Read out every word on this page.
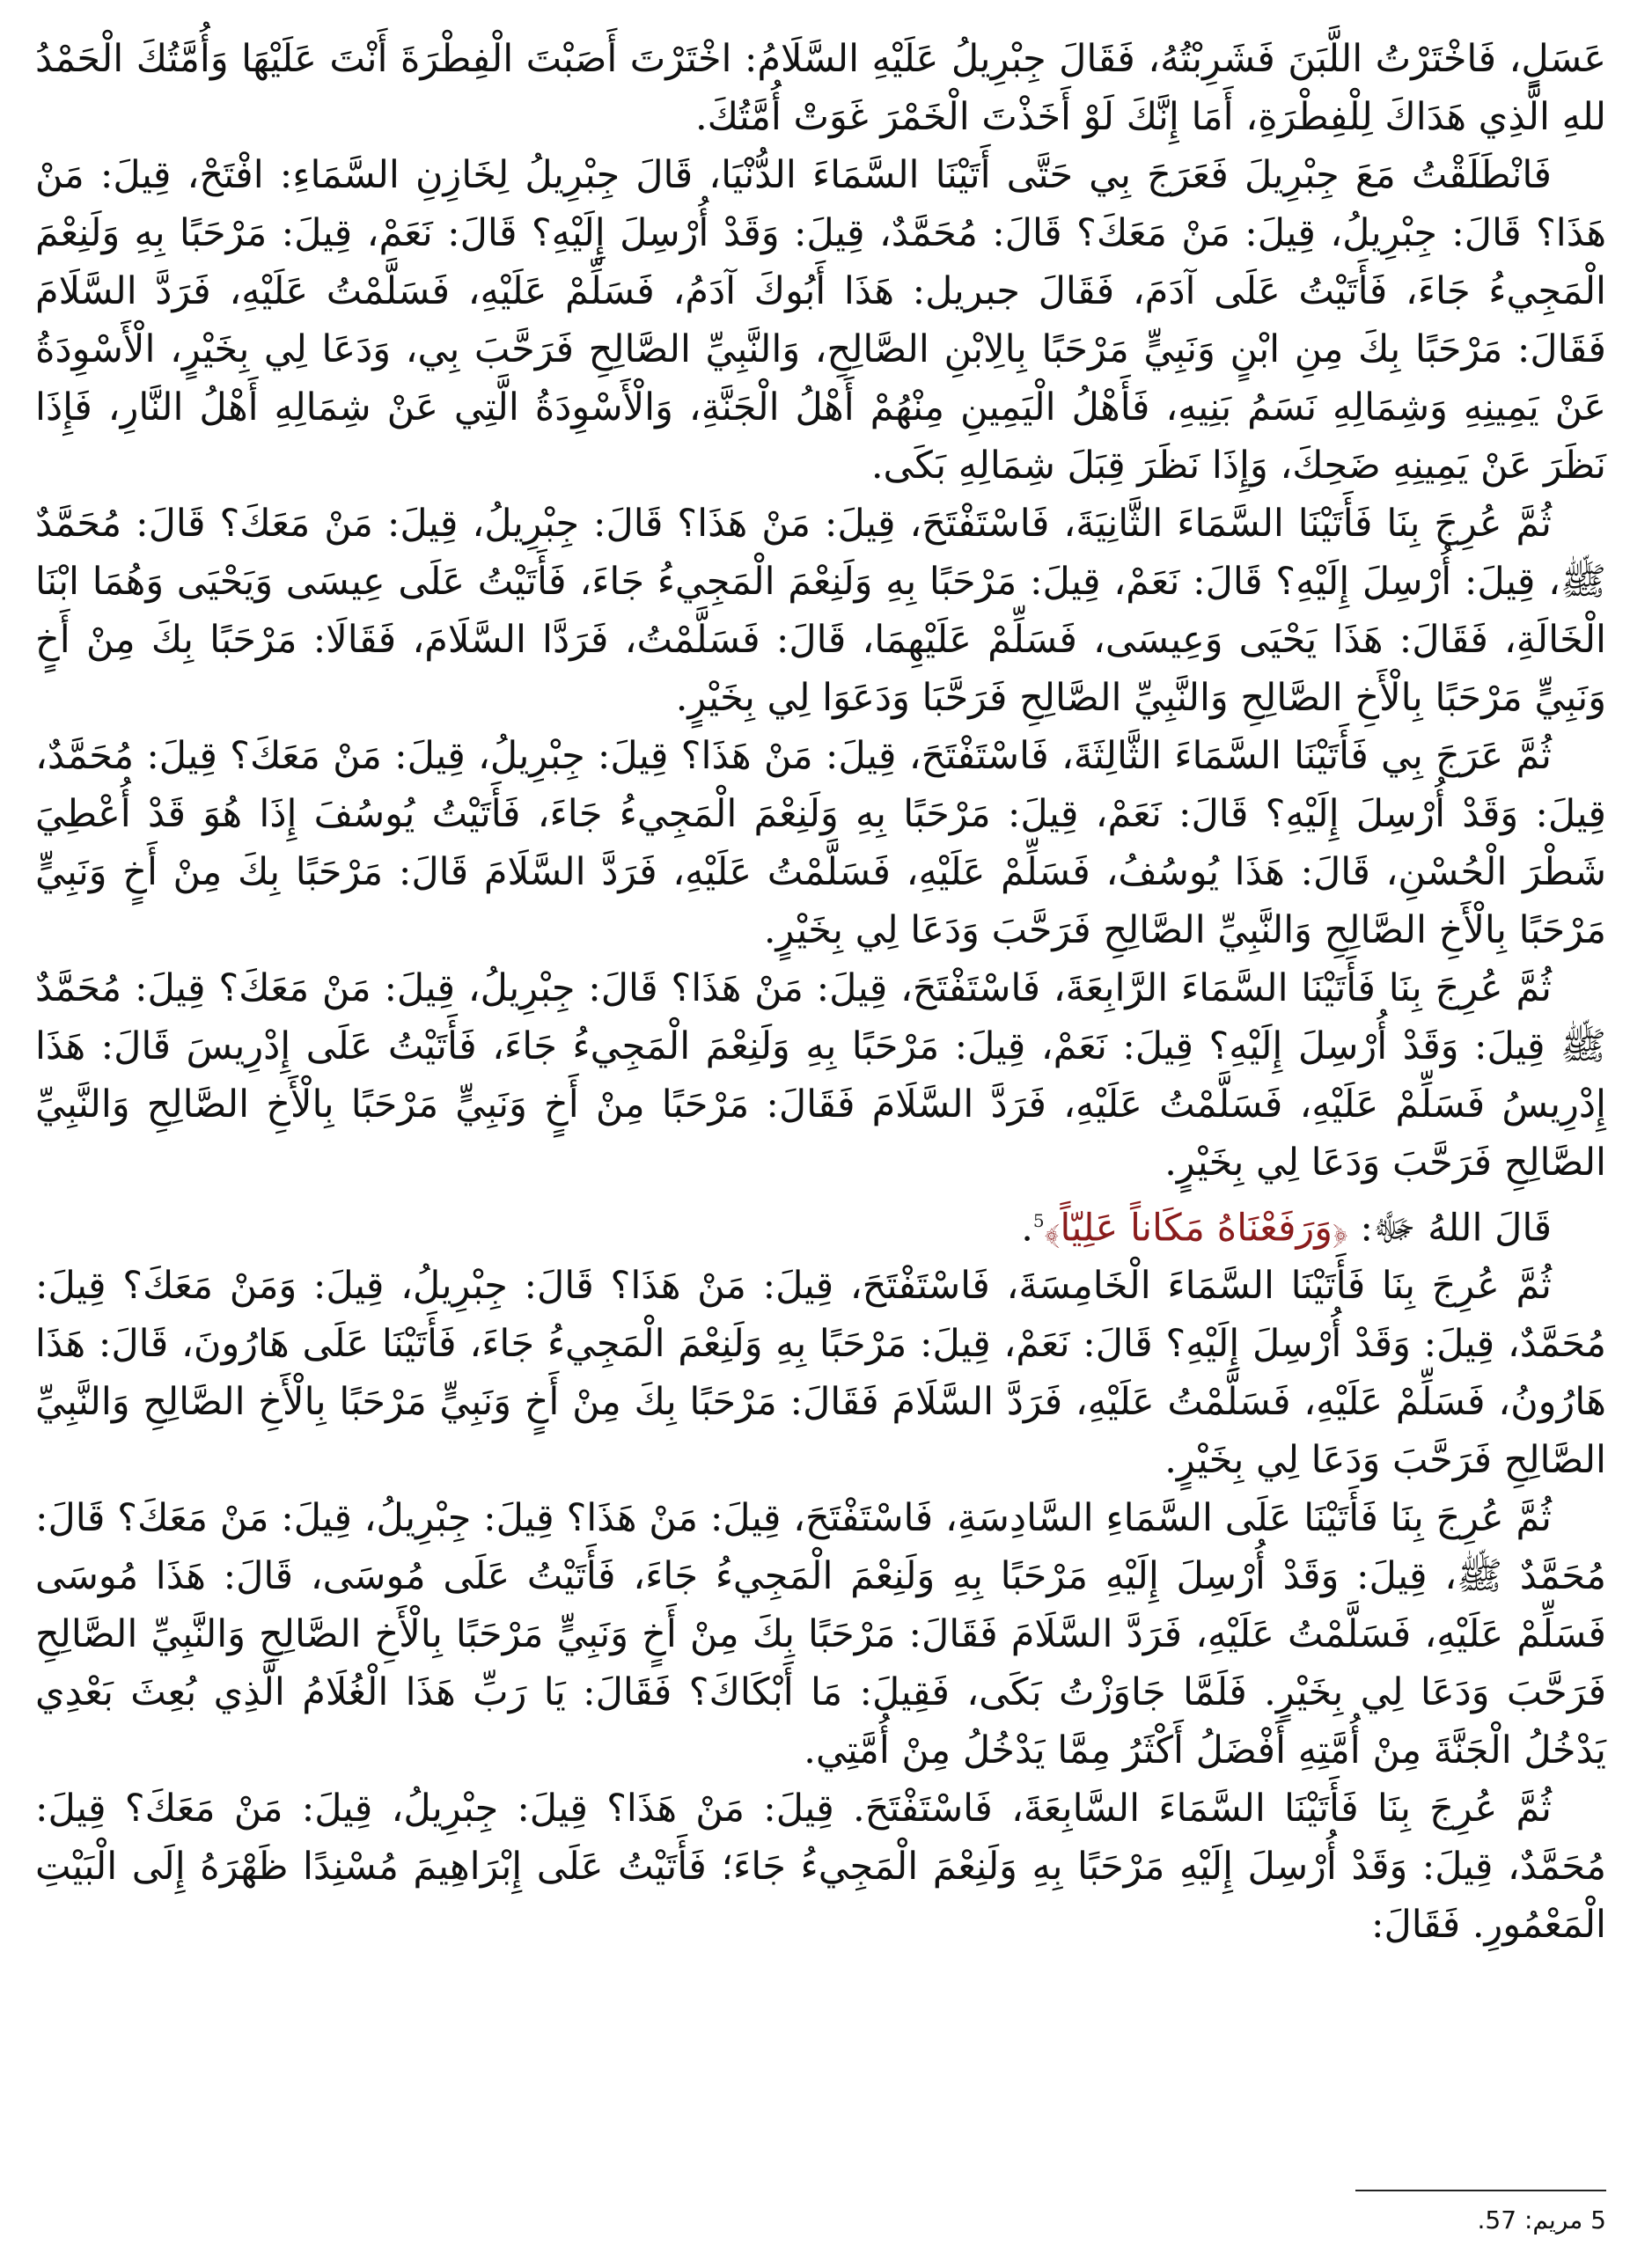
عَسَلٍ، فَاخْتَرْتُ اللَّبَنَ فَشَرِبْتُهُ، فَقَالَ جِبْرِيلُ عَلَيْهِ السَّلَامُ: اخْتَرْتَ أَصَبْتَ الْفِطْرَةَ أَنْتَ عَلَيْهَا وَأُمَّتُكَ الْحَمْدُ للهِ الَّذِي هَدَاكَ لِلْفِطْرَةِ، أَمَا إِنَّكَ لَوْ أَخَذْتَ الْخَمْرَ غَوَتْ أُمَّتُكَ.

فَانْطَلَقْتُ مَعَ جِبْرِيلَ فَعَرَجَ بِي حَتَّى أَتَيْنَا السَّمَاءَ الدُّنْيَا، قَالَ جِبْرِيلُ لِخَازِنِ السَّمَاءِ: افْتَحْ، قِيلَ: مَنْ هَذَا؟ قَالَ: جِبْرِيلُ، قِيلَ: مَنْ مَعَكَ؟ قَالَ: مُحَمَّدٌ، قِيلَ: وَقَدْ أُرْسِلَ إِلَيْهِ؟ قَالَ: نَعَمْ، قِيلَ: مَرْحَبًا بِهِ وَلَنِعْمَ الْمَجِيءُ جَاءَ، فَأَتَيْتُ عَلَى آدَمَ، فَقَالَ جبريل: هَذَا أَبُوكَ آدَمُ، فَسَلِّمْ عَلَيْهِ، فَسَلَّمْتُ عَلَيْهِ، فَرَدَّ السَّلَامَ فَقَالَ: مَرْحَبًا بِكَ مِنِ ابْنٍ وَنَبِيٍّ مَرْحَبًا بِالِابْنِ الصَّالِحِ، وَالنَّبِيِّ الصَّالِحِ فَرَحَّبَ بِي، وَدَعَا لِي بِخَيْرٍ، الْأَسْوِدَةُ عَنْ يَمِينِهِ وَشِمَالِهِ نَسَمُ بَنِيهِ، فَأَهْلُ الْيَمِينِ مِنْهُمْ أَهْلُ الْجَنَّةِ، وَالْأَسْوِدَةُ الَّتِي عَنْ شِمَالِهِ أَهْلُ النَّارِ، فَإِذَا نَظَرَ عَنْ يَمِينِهِ ضَحِكَ، وَإِذَا نَظَرَ قِبَلَ شِمَالِهِ بَكَى.

ثُمَّ عُرِجَ بِنَا فَأَتَيْنَا السَّمَاءَ الثَّانِيَةَ، فَاسْتَفْتَحَ، قِيلَ: مَنْ هَذَا؟ قَالَ: جِبْرِيلُ، قِيلَ: مَنْ مَعَكَ؟ قَالَ: مُحَمَّدٌ ﷺ، قِيلَ: أُرْسِلَ إِلَيْهِ؟ قَالَ: نَعَمْ، قِيلَ: مَرْحَبًا بِهِ وَلَنِعْمَ الْمَجِيءُ جَاءَ، فَأَتَيْتُ عَلَى عِيسَى وَيَحْيَى وَهُمَا ابْنَا الْخَالَةِ، فَقَالَ: هَذَا يَحْيَى وَعِيسَى، فَسَلِّمْ عَلَيْهِمَا، قَالَ: فَسَلَّمْتُ، فَرَدَّا السَّلَامَ، فَقَالَا: مَرْحَبًا بِكَ مِنْ أَخٍ وَنَبِيٍّ مَرْحَبًا بِالْأَخِ الصَّالِحِ وَالنَّبِيِّ الصَّالِحِ فَرَحَّبَا وَدَعَوَا لِي بِخَيْرٍ.

ثُمَّ عَرَجَ بِي فَأَتَيْنَا السَّمَاءَ الثَّالِثَةَ، فَاسْتَفْتَحَ، قِيلَ: مَنْ هَذَا؟ قِيلَ: جِبْرِيلُ، قِيلَ: مَنْ مَعَكَ؟ قِيلَ: مُحَمَّدٌ، قِيلَ: وَقَدْ أُرْسِلَ إِلَيْهِ؟ قَالَ: نَعَمْ، قِيلَ: مَرْحَبًا بِهِ وَلَنِعْمَ الْمَجِيءُ جَاءَ، فَأَتَيْتُ يُوسُفَ إِذَا هُوَ قَدْ أُعْطِيَ شَطْرَ الْحُسْنِ، قَالَ: هَذَا يُوسُفُ، فَسَلِّمْ عَلَيْهِ، فَسَلَّمْتُ عَلَيْهِ، فَرَدَّ السَّلَامَ قَالَ: مَرْحَبًا بِكَ مِنْ أَخٍ وَنَبِيٍّ مَرْحَبًا بِالْأَخِ الصَّالِحِ وَالنَّبِيِّ الصَّالِحِ فَرَحَّبَ وَدَعَا لِي بِخَيْرٍ.

ثُمَّ عُرِجَ بِنَا فَأَتَيْنَا السَّمَاءَ الرَّابِعَةَ، فَاسْتَفْتَحَ، قِيلَ: مَنْ هَذَا؟ قَالَ: جِبْرِيلُ، قِيلَ: مَنْ مَعَكَ؟ قِيلَ: مُحَمَّدٌ ﷺ قِيلَ: وَقَدْ أُرْسِلَ إِلَيْهِ؟ قِيلَ: نَعَمْ، قِيلَ: مَرْحَبًا بِهِ وَلَنِعْمَ الْمَجِيءُ جَاءَ، فَأَتَيْتُ عَلَى إِدْرِيسَ قَالَ: هَذَا إِدْرِيسُ فَسَلِّمْ عَلَيْهِ، فَسَلَّمْتُ عَلَيْهِ، فَرَدَّ السَّلَامَ فَقَالَ: مَرْحَبًا مِنْ أَخٍ وَنَبِيٍّ مَرْحَبًا بِالْأَخِ الصَّالِحِ وَالنَّبِيِّ الصَّالِحِ فَرَحَّبَ وَدَعَا لِي بِخَيْرٍ.

قَالَ اللهُ ﷻ: ﴿وَرَفَعْنَاهُ مَكَاناً عَلِيّاً﴾$^5$.

ثُمَّ عُرِجَ بِنَا فَأَتَيْنَا السَّمَاءَ الْخَامِسَةَ، فَاسْتَفْتَحَ، قِيلَ: مَنْ هَذَا؟ قَالَ: جِبْرِيلُ، قِيلَ: وَمَنْ مَعَكَ؟ قِيلَ: مُحَمَّدٌ، قِيلَ: وَقَدْ أُرْسِلَ إِلَيْهِ؟ قَالَ: نَعَمْ، قِيلَ: مَرْحَبًا بِهِ وَلَنِعْمَ الْمَجِيءُ جَاءَ، فَأَتَيْنَا عَلَى هَارُونَ، قَالَ: هَذَا هَارُونُ، فَسَلِّمْ عَلَيْهِ، فَسَلَّمْتُ عَلَيْهِ، فَرَدَّ السَّلَامَ فَقَالَ: مَرْحَبًا بِكَ مِنْ أَخٍ وَنَبِيٍّ مَرْحَبًا بِالْأَخِ الصَّالِحِ وَالنَّبِيِّ الصَّالِحِ فَرَحَّبَ وَدَعَا لِي بِخَيْرٍ.

ثُمَّ عُرِجَ بِنَا فَأَتَيْنَا عَلَى السَّمَاءِ السَّادِسَةِ، فَاسْتَفْتَحَ، قِيلَ: مَنْ هَذَا؟ قِيلَ: جِبْرِيلُ، قِيلَ: مَنْ مَعَكَ؟ قَالَ: مُحَمَّدٌ ﷺ، قِيلَ: وَقَدْ أُرْسِلَ إِلَيْهِ مَرْحَبًا بِهِ وَلَنِعْمَ الْمَجِيءُ جَاءَ، فَأَتَيْتُ عَلَى مُوسَى، قَالَ: هَذَا مُوسَى فَسَلِّمْ عَلَيْهِ، فَسَلَّمْتُ عَلَيْهِ، فَرَدَّ السَّلَامَ فَقَالَ: مَرْحَبًا بِكَ مِنْ أَخٍ وَنَبِيٍّ مَرْحَبًا بِالْأَخِ الصَّالِحِ وَالنَّبِيِّ الصَّالِحِ فَرَحَّبَ وَدَعَا لِي بِخَيْرٍ. فَلَمَّا جَاوَزْتُ بَكَى، فَقِيلَ: مَا أَبْكَاكَ؟ فَقَالَ: يَا رَبِّ هَذَا الْغُلَامُ الَّذِي بُعِثَ بَعْدِي يَدْخُلُ الْجَنَّةَ مِنْ أُمَّتِهِ أَفْضَلُ أَكْثَرُ مِمَّا يَدْخُلُ مِنْ أُمَّتِي.

ثُمَّ عُرِجَ بِنَا فَأَتَيْنَا السَّمَاءَ السَّابِعَةَ، فَاسْتَفْتَحَ. قِيلَ: مَنْ هَذَا؟ قِيلَ: جِبْرِيلُ، قِيلَ: مَنْ مَعَكَ؟ قِيلَ: مُحَمَّدٌ، قِيلَ: وَقَدْ أُرْسِلَ إِلَيْهِ مَرْحَبًا بِهِ وَلَنِعْمَ الْمَجِيءُ جَاءَ؛ فَأَتَيْتُ عَلَى إِبْرَاهِيمَ مُسْنِدًا ظَهْرَهُ إِلَى الْبَيْتِ الْمَعْمُورِ. فَقَالَ:

5 مريم: 57.
